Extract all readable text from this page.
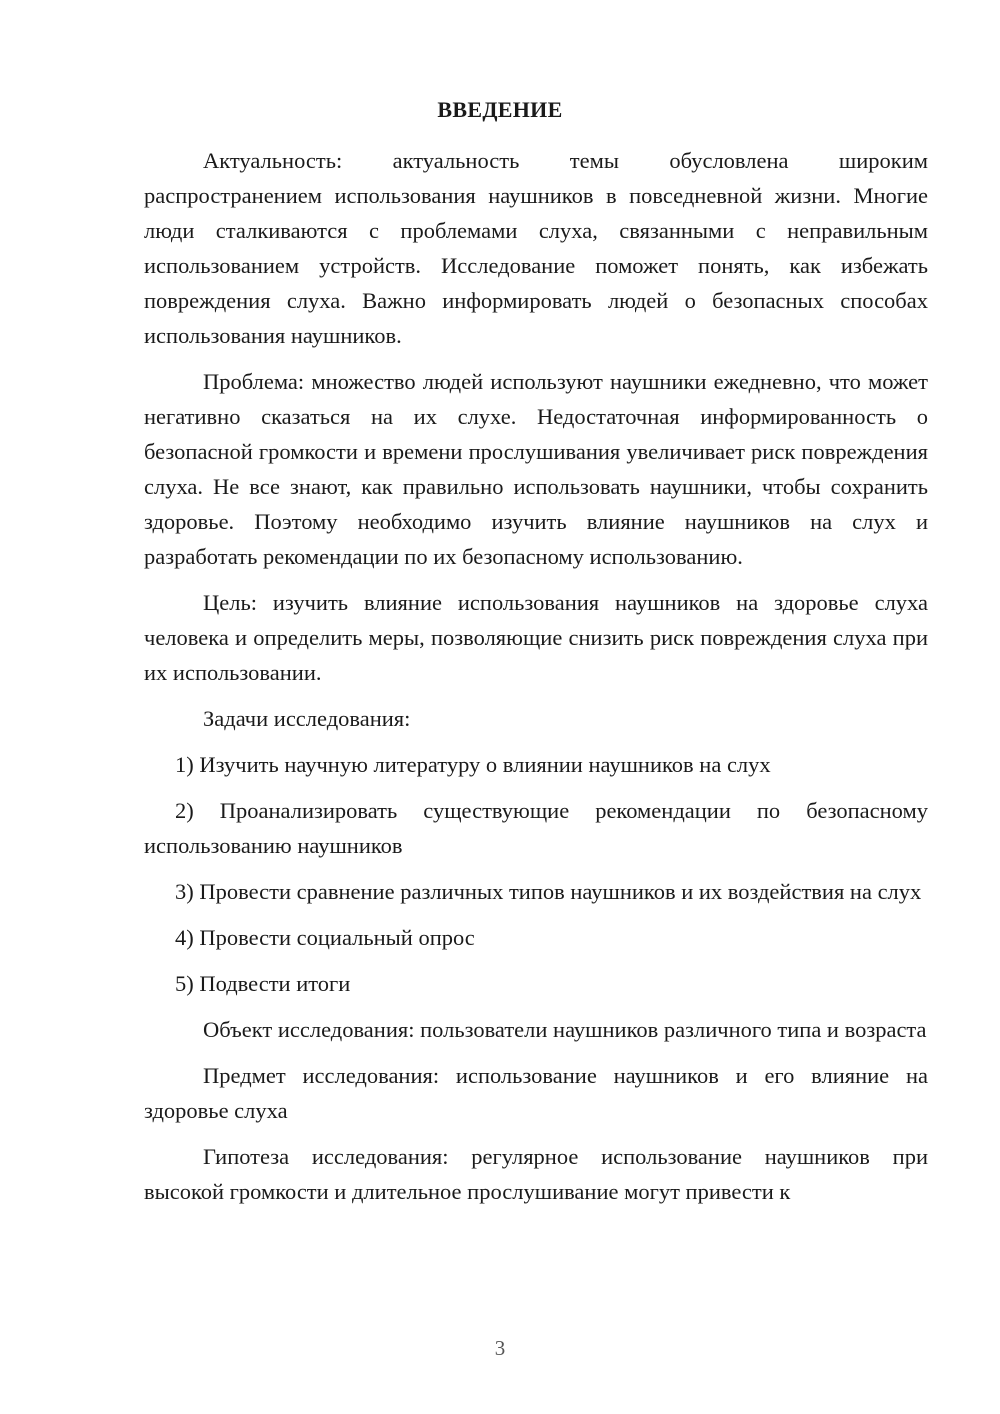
ВВЕДЕНИЕ

Актуальность: актуальность темы обусловлена широким распространением использования наушников в повседневной жизни. Многие люди сталкиваются с проблемами слуха, связанными с неправильным использованием устройств. Исследование поможет понять, как избежать повреждения слуха. Важно информировать людей о безопасных способах использования наушников.

Проблема: множество людей используют наушники ежедневно, что может негативно сказаться на их слухе. Недостаточная информированность о безопасной громкости и времени прослушивания увеличивает риск повреждения слуха. Не все знают, как правильно использовать наушники, чтобы сохранить здоровье. Поэтому необходимо изучить влияние наушников на слух и разработать рекомендации по их безопасному использованию.

Цель: изучить влияние использования наушников на здоровье слуха человека и определить меры, позволяющие снизить риск повреждения слуха при их использовании.

Задачи исследования:

1) Изучить научную литературу о влиянии наушников на слух

2) Проанализировать существующие рекомендации по безопасному использованию наушников

3) Провести сравнение различных типов наушников и их воздействия на слух

4) Провести социальный опрос

5) Подвести итоги

Объект исследования: пользователи наушников различного типа и возраста

Предмет исследования: использование наушников и его влияние на здоровье слуха

Гипотеза исследования: регулярное использование наушников при высокой громкости и длительное прослушивание могут привести к

3
